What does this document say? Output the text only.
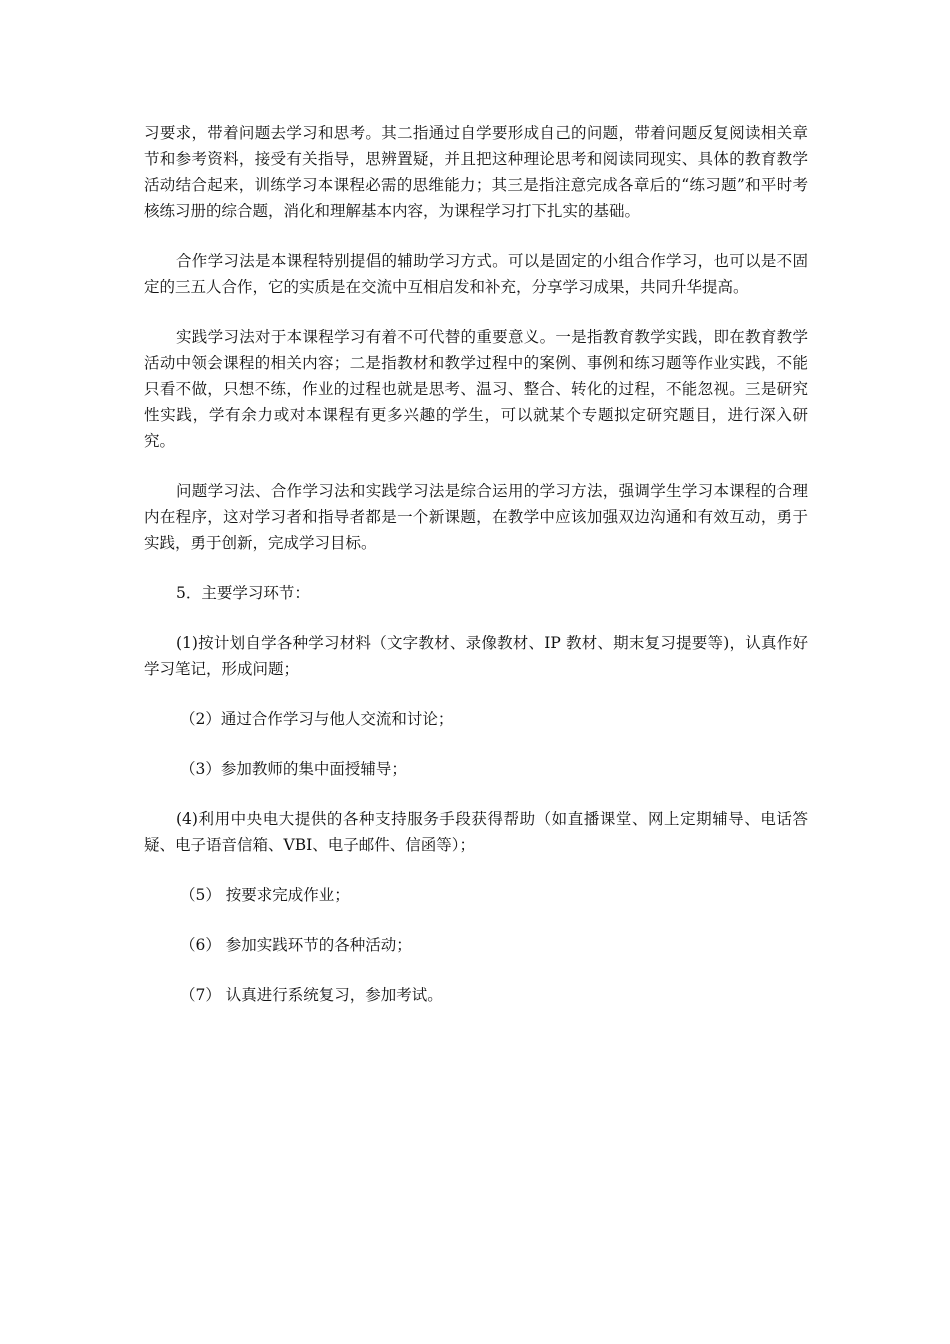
习要求，带着问题去学习和思考。其二指通过自学要形成自己的问题，带着问题反复阅读相关章节和参考资料，接受有关指导，思辨置疑，并且把这种理论思考和阅读同现实、具体的教育教学活动结合起来，训练学习本课程必需的思维能力；其三是指注意完成各章后的“练习题”和平时考核练习册的综合题，消化和理解基本内容，为课程学习打下扎实的基础。

合作学习法是本课程特别提倡的辅助学习方式。可以是固定的小组合作学习，也可以是不固定的三五人合作，它的实质是在交流中互相启发和补充，分享学习成果，共同升华提高。

实践学习法对于本课程学习有着不可代替的重要意义。一是指教育教学实践，即在教育教学活动中领会课程的相关内容；二是指教材和教学过程中的案例、事例和练习题等作业实践，不能只看不做，只想不练，作业的过程也就是思考、温习、整合、转化的过程，不能忽视。三是研究性实践，学有余力或对本课程有更多兴趣的学生，可以就某个专题拟定研究题目，进行深入研究。

问题学习法、合作学习法和实践学习法是综合运用的学习方法，强调学生学习本课程的合理内在程序，这对学习者和指导者都是一个新课题，在教学中应该加强双边沟通和有效互动，勇于实践，勇于创新，完成学习目标。

5．主要学习环节：

(1)按计划自学各种学习材料（文字教材、录像教材、IP 教材、期末复习提要等)，认真作好学习笔记，形成问题；

（2）通过合作学习与他人交流和讨论；

（3）参加教师的集中面授辅导；

(4)利用中央电大提供的各种支持服务手段获得帮助（如直播课堂、网上定期辅导、电话答疑、电子语音信箱、VBI、电子邮件、信函等）；

（5） 按要求完成作业；

（6） 参加实践环节的各种活动；

（7） 认真进行系统复习，参加考试。
